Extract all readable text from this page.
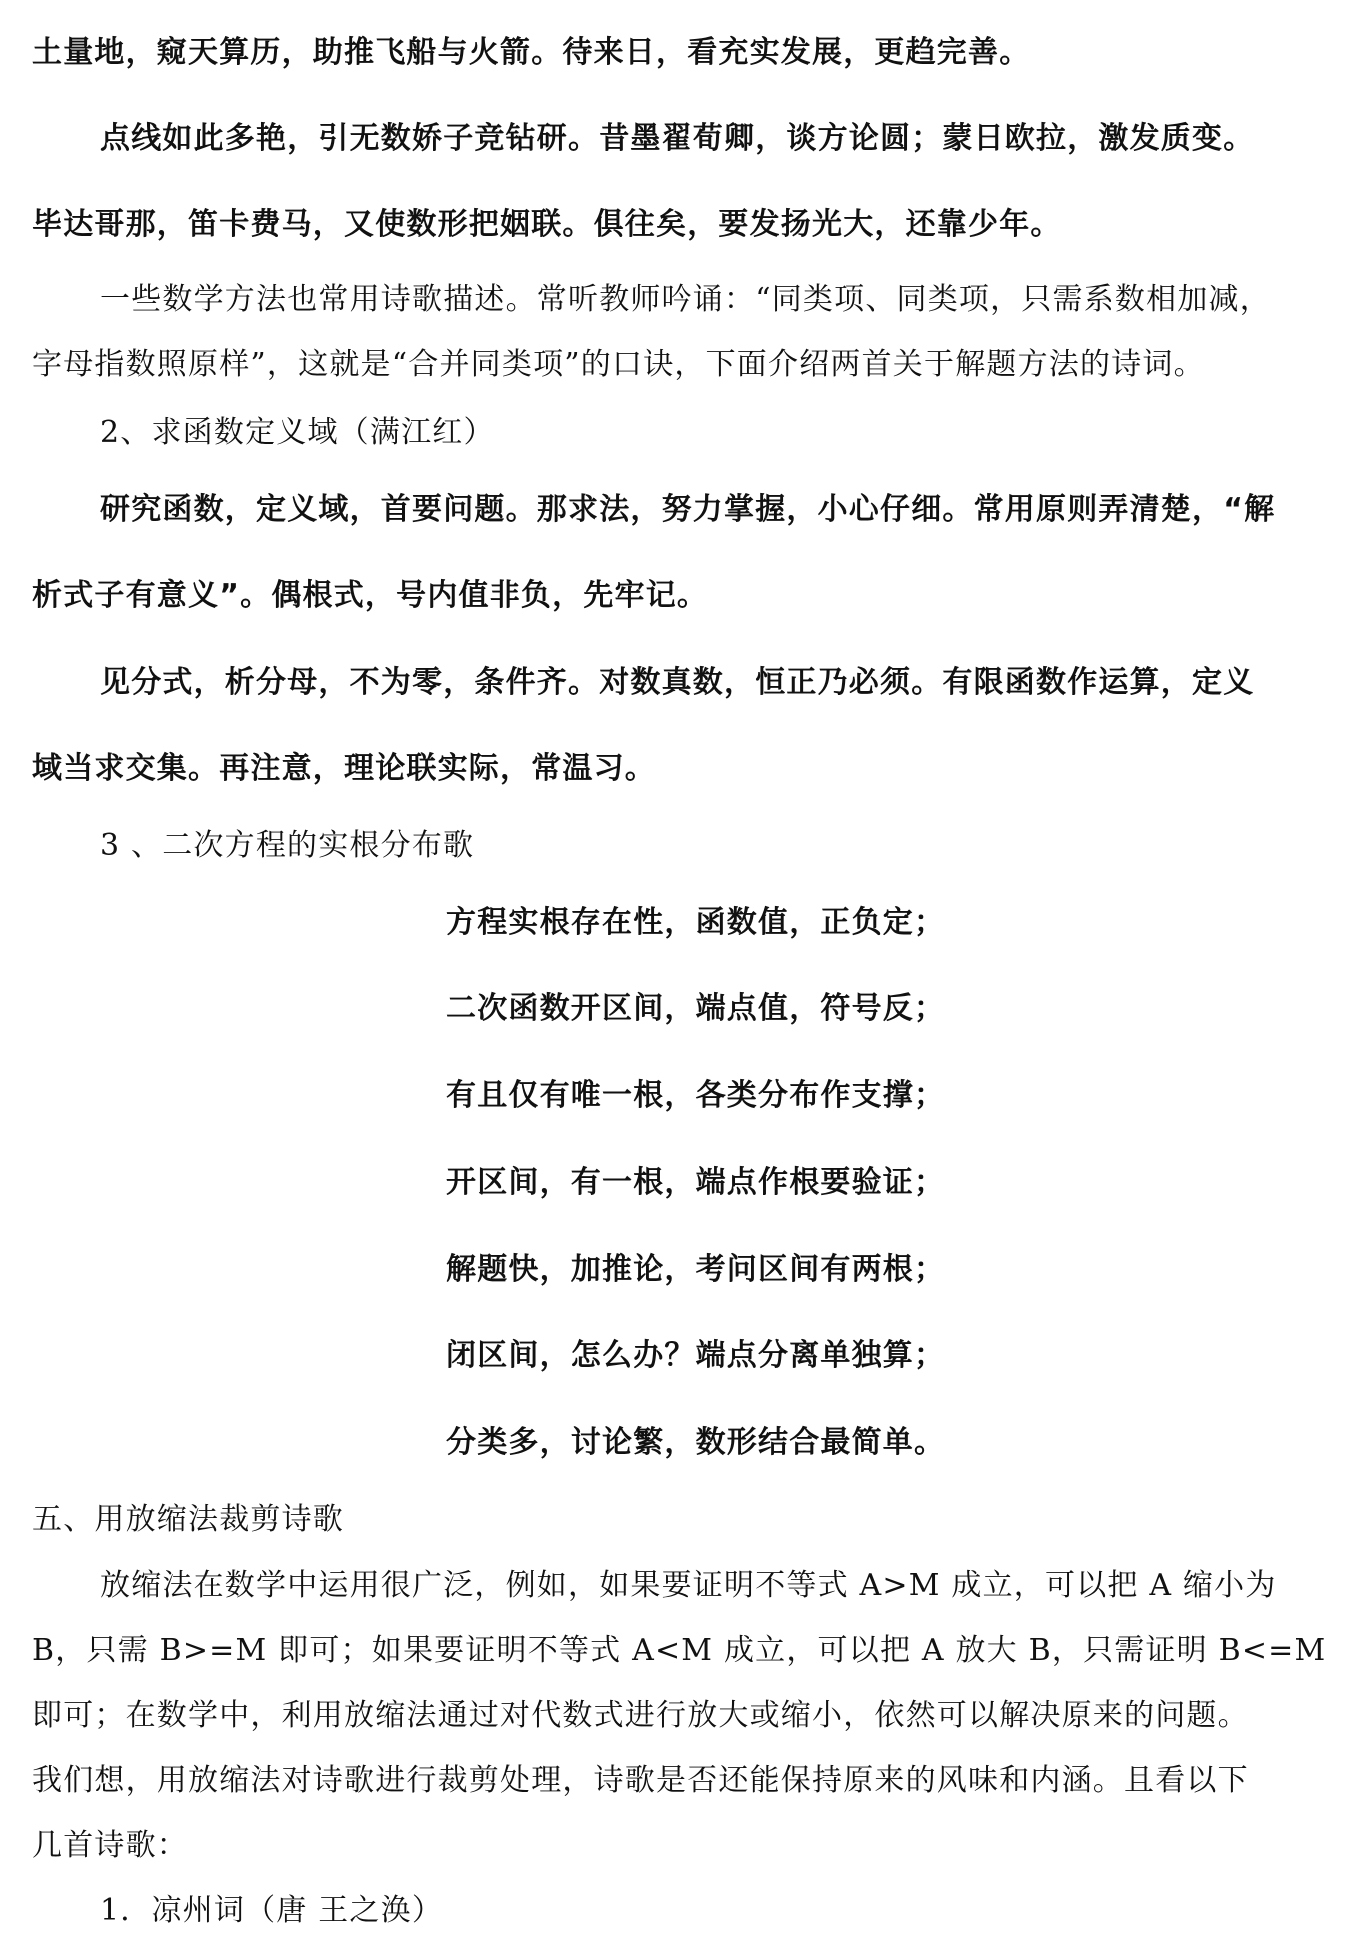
土量地，窥天算历，助推飞船与火箭。待来日，看充实发展，更趋完善。
点线如此多艳，引无数娇子竞钻研。昔墨翟荀卿，谈方论圆；蒙日欧拉，激发质变。
毕达哥那，笛卡费马，又使数形把姻联。俱往矣，要发扬光大，还靠少年。
一些数学方法也常用诗歌描述。常听教师吟诵：“同类项、同类项，只需系数相加减，
字母指数照原样”，这就是“合并同类项”的口诀，下面介绍两首关于解题方法的诗词。
2、求函数定义域（满江红）
研究函数，定义域，首要问题。那求法，努力掌握，小心仔细。常用原则弄清楚，“解
析式子有意义”。偶根式，号内值非负，先牢记。
见分式，析分母，不为零，条件齐。对数真数，恒正乃必须。有限函数作运算，定义
域当求交集。再注意，理论联实际，常温习。
3 、二次方程的实根分布歌
方程实根存在性，函数值，正负定；
二次函数开区间，端点值，符号反；
有且仅有唯一根，各类分布作支撑；
开区间，有一根，端点作根要验证；
解题快，加推论，考问区间有两根；
闭区间，怎么办？端点分离单独算；
分类多，讨论繁，数形结合最简单。
五、用放缩法裁剪诗歌
放缩法在数学中运用很广泛，例如，如果要证明不等式 A>M 成立，可以把 A 缩小为
B，只需 B>=M 即可；如果要证明不等式 A<M 成立，可以把 A 放大 B，只需证明 B<=M
即可；在数学中，利用放缩法通过对代数式进行放大或缩小，依然可以解决原来的问题。
我们想，用放缩法对诗歌进行裁剪处理，诗歌是否还能保持原来的风味和内涵。且看以下
几首诗歌：
1．凉州词（唐 王之涣）
